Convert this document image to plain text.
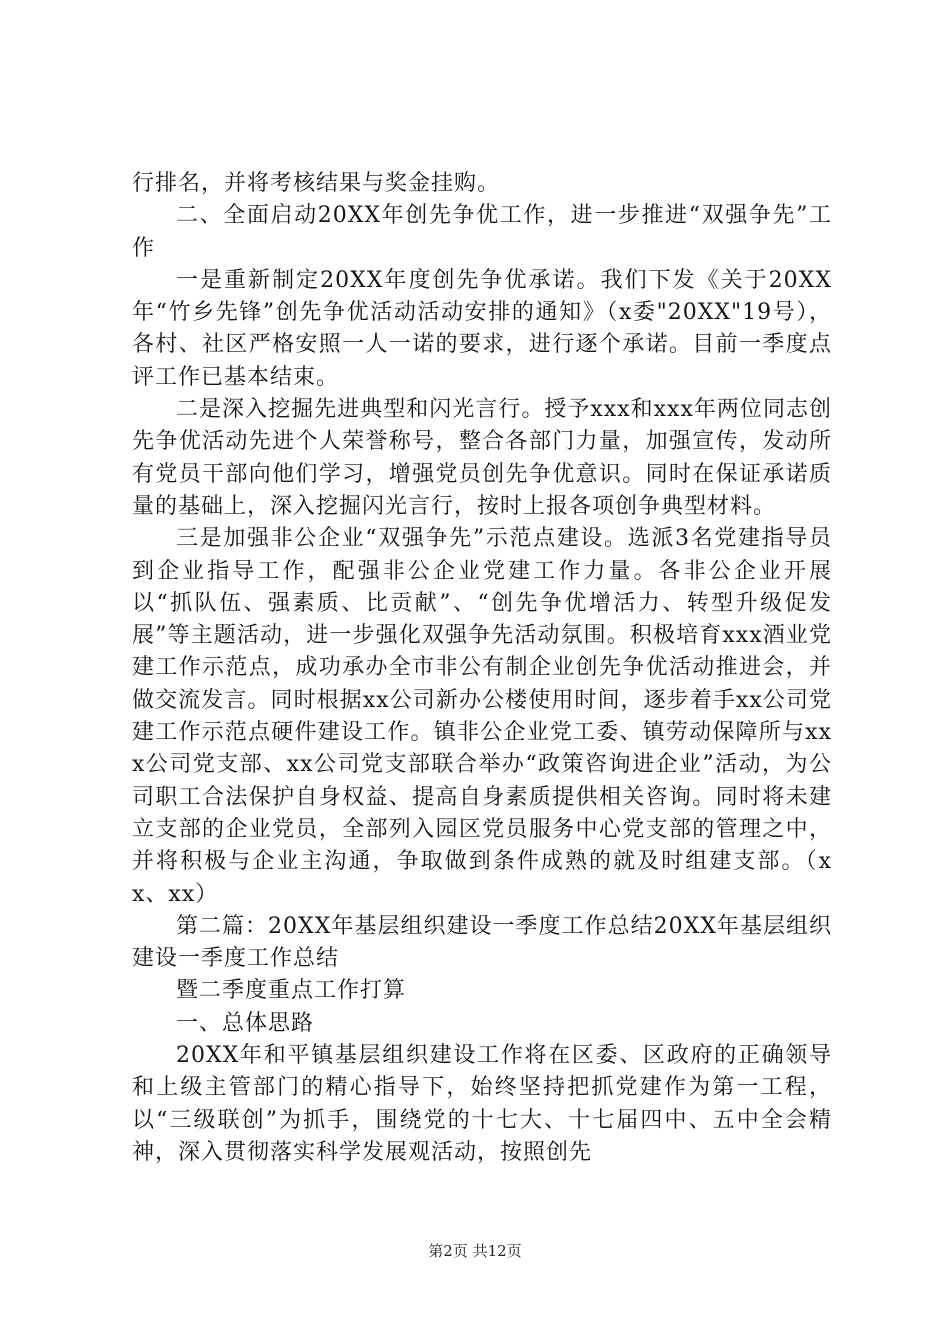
行排名，并将考核结果与奖金挂购。

二、全面启动20XX年创先争优工作，进一步推进“双强争先”工作

一是重新制定20XX年度创先争优承诺。我们下发《关于20XX年“竹乡先锋”创先争优活动活动安排的通知》（x委"20XX"19号），各村、社区严格安照一人一诺的要求，进行逐个承诺。目前一季度点评工作已基本结束。

二是深入挖掘先进典型和闪光言行。授予xxx和xxx年两位同志创先争优活动先进个人荣誉称号，整合各部门力量，加强宣传，发动所有党员干部向他们学习，增强党员创先争优意识。同时在保证承诺质量的基础上，深入挖掘闪光言行，按时上报各项创争典型材料。

三是加强非公企业“双强争先”示范点建设。选派3名党建指导员到企业指导工作，配强非公企业党建工作力量。各非公企业开展以“抓队伍、强素质、比贡献”、“创先争优增活力、转型升级促发展”等主题活动，进一步强化双强争先活动氛围。积极培育xxx酒业党建工作示范点，成功承办全市非公有制企业创先争优活动推进会，并做交流发言。同时根据xx公司新办公楼使用时间，逐步着手xx公司党建工作示范点硬件建设工作。镇非公企业党工委、镇劳动保障所与xxx公司党支部、xx公司党支部联合举办“政策咨询进企业”活动，为公司职工合法保护自身权益、提高自身素质提供相关咨询。同时将未建立支部的企业党员，全部列入园区党员服务中心党支部的管理之中，并将积极与企业主沟通，争取做到条件成熟的就及时组建支部。（xx、xx）

第二篇：20XX年基层组织建设一季度工作总结20XX年基层组织建设一季度工作总结

暨二季度重点工作打算

一、总体思路

20XX年和平镇基层组织建设工作将在区委、区政府的正确领导和上级主管部门的精心指导下，始终坚持把抓党建作为第一工程，以“三级联创”为抓手，围绕党的十七大、十七届四中、五中全会精神，深入贯彻落实科学发展观活动，按照创先

第2页 共12页
